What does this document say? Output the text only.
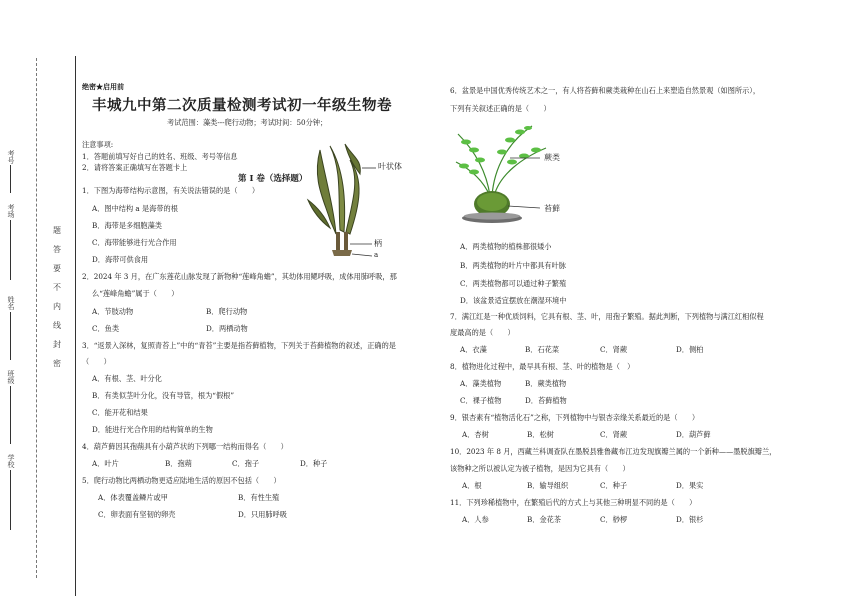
考号
考场
姓名
班级
学校
题
答
要
不
内
线
封
密
绝密★启用前
丰城九中第二次质量检测考试初一年级生物卷
考试范围：藻类---爬行动物；考试时间：50分钟；
注意事项:
1．答题前填写好自己的姓名、班级、考号等信息
2．请将答案正确填写在答题卡上
第 I 卷（选择题）
叶状体
柄
a
1．下图为海带结构示意图，有关说法错误的是（　　）
A．图中结构 a 是海带的根
B．海带是多细胞藻类
C．海带能够进行光合作用
D．海带可供食用
2．2024 年 3 月，在广东莲花山脉发现了新物种“莲峰角蟾”，其幼体用鳃呼吸，成体用肺呼吸，那
么“莲峰角蟾”属于（　　）
A．节肢动物	B．爬行动物
C．鱼类	D．两栖动物
3．“返景入深林，复照青苔上”中的“青苔”主要是指苔藓植物，下列关于苔藓植物的叙述，正确的是
（　　）
A．有根、茎、叶分化
B．有类似茎叶分化，没有导管，根为“假根”
C．能开花和结果
D．能进行光合作用的结构简单的生物
4．葫芦藓因其孢蒴具有小葫芦状的下列哪一结构而得名（　　）
A．叶片	B．孢蒴	C．孢子	D．种子
5．爬行动物比两栖动物更适应陆地生活的原因不包括（　　）
A．体表覆盖鳞片或甲	B．有性生殖
C．卵表面有坚韧的卵壳	D．只用肺呼吸
蕨类
苔藓
6．盆景是中国优秀传统艺术之一，有人将苔藓和蕨类栽种在山石上来塑造自然景观（如图所示），
下列有关叙述正确的是（　　）
A．两类植物的植株都很矮小
B．两类植物的叶片中都具有叶脉
C．两类植物都可以通过种子繁殖
D．该盆景适宜摆放在潮湿环境中
7．满江红是一种优质饲料，它具有根、茎、叶，用孢子繁殖。据此判断，下列植物与满江红相似程
度最高的是（　　）
A．衣藻	B．石花菜	C．肾蕨	D．侧柏
8．植物进化过程中，最早具有根、茎、叶的植物是（　）
A．藻类植物	B．蕨类植物
C．裸子植物	D．苔藓植物
9．银杏素有“植物活化石”之称，下列植物中与银杏亲缘关系最近的是（　　）
A．杏树	B．松树	C．肾蕨	D．葫芦藓
10．2023 年 8 月，西藏兰科调查队在墨脱县雅鲁藏布江边发现旗瓣兰属的一个新种——墨脱旗瓣兰，
该物种之所以被认定为被子植物，是因为它具有（　　）
A．根	B．输导组织	C．种子	D．果实
11．下列珍稀植物中，在繁殖后代的方式上与其他三种明显不同的是（　　）
A．人参	B．金花茶	C．桫椤	D．银杉
